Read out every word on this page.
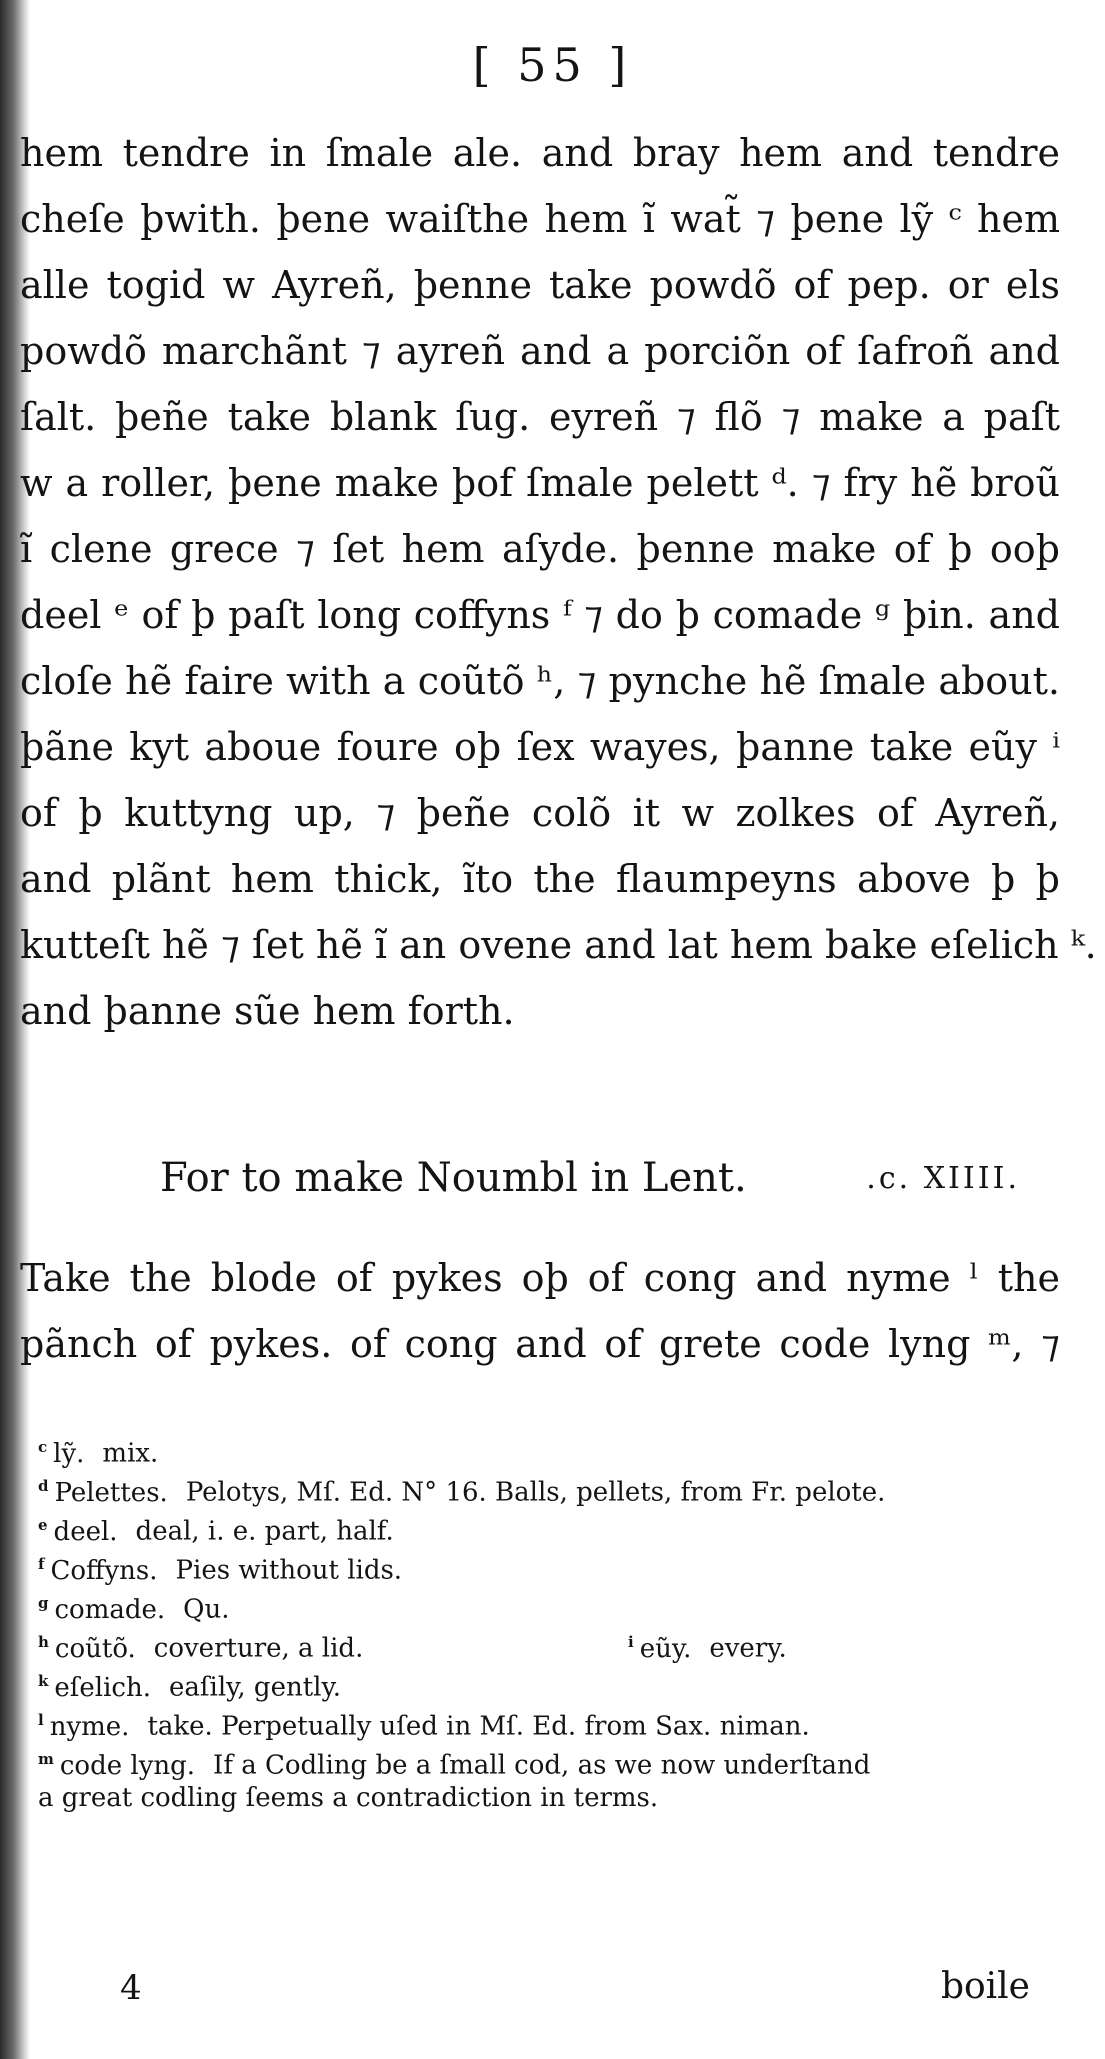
[ 55 ]
hem tendre in ſmale ale. and bray hem and tendre
cheſe þwith. þene waiſthe hem ĩ wat̃ ⁊ þene lỹ ᶜ hem
alle togid w Ayreñ, þenne take powdõ of pep. or els
powdõ marchãnt ⁊ ayreñ and a porciõn of ſafroñ and
ſalt. þeñe take blank ſug. eyreñ ⁊ flõ ⁊ make a paſt
w a roller, þene make þof ſmale pelett ᵈ. ⁊ fry hẽ broũ
ĩ clene grece ⁊ ſet hem aſyde. þenne make of þ ooþ
deel ᵉ of þ paſt long coffyns ᶠ ⁊ do þ comade ᵍ þin. and
cloſe hẽ faire with a coũtõ ʰ, ⁊ pynche hẽ ſmale about.
þãne kyt aboue foure oþ ſex wayes, þanne take eũy ⁱ
of þ kuttyng up, ⁊ þeñe colõ it w zolkes of Ayreñ,
and plãnt hem thick, ĩto the flaumpeyns above þ þ
kutteſt hẽ ⁊ ſet hẽ ĩ an ovene and lat hem bake eſelich ᵏ.
and þanne sũe hem forth.
For to make Noumbl in Lent.	.c. XIIII.
Take the blode of pykes oþ of cong and nyme ˡ the
pãnch of pykes. of cong and of grete code lyng ᵐ, ⁊
$^c$ lỹ. mix.
$^d$ Pelettes. Pelotys, Mſ. Ed. N° 16. Balls, pellets, from Fr. pelote.
$^e$ deel. deal, i. e. part, half.
$^f$ Coffyns. Pies without lids.
$^g$ comade. Qu.
$^h$ coũtõ. coverture, a lid.	$^i$ eũy. every.
$^k$ eſelich. eaſily, gently.
$^l$ nyme. take. Perpetually uſed in Mſ. Ed. from Sax. niman.
$^m$ code lyng. If a Codling be a ſmall cod, as we now underſtand
a great codling ſeems a contradiction in terms.
4	boile
